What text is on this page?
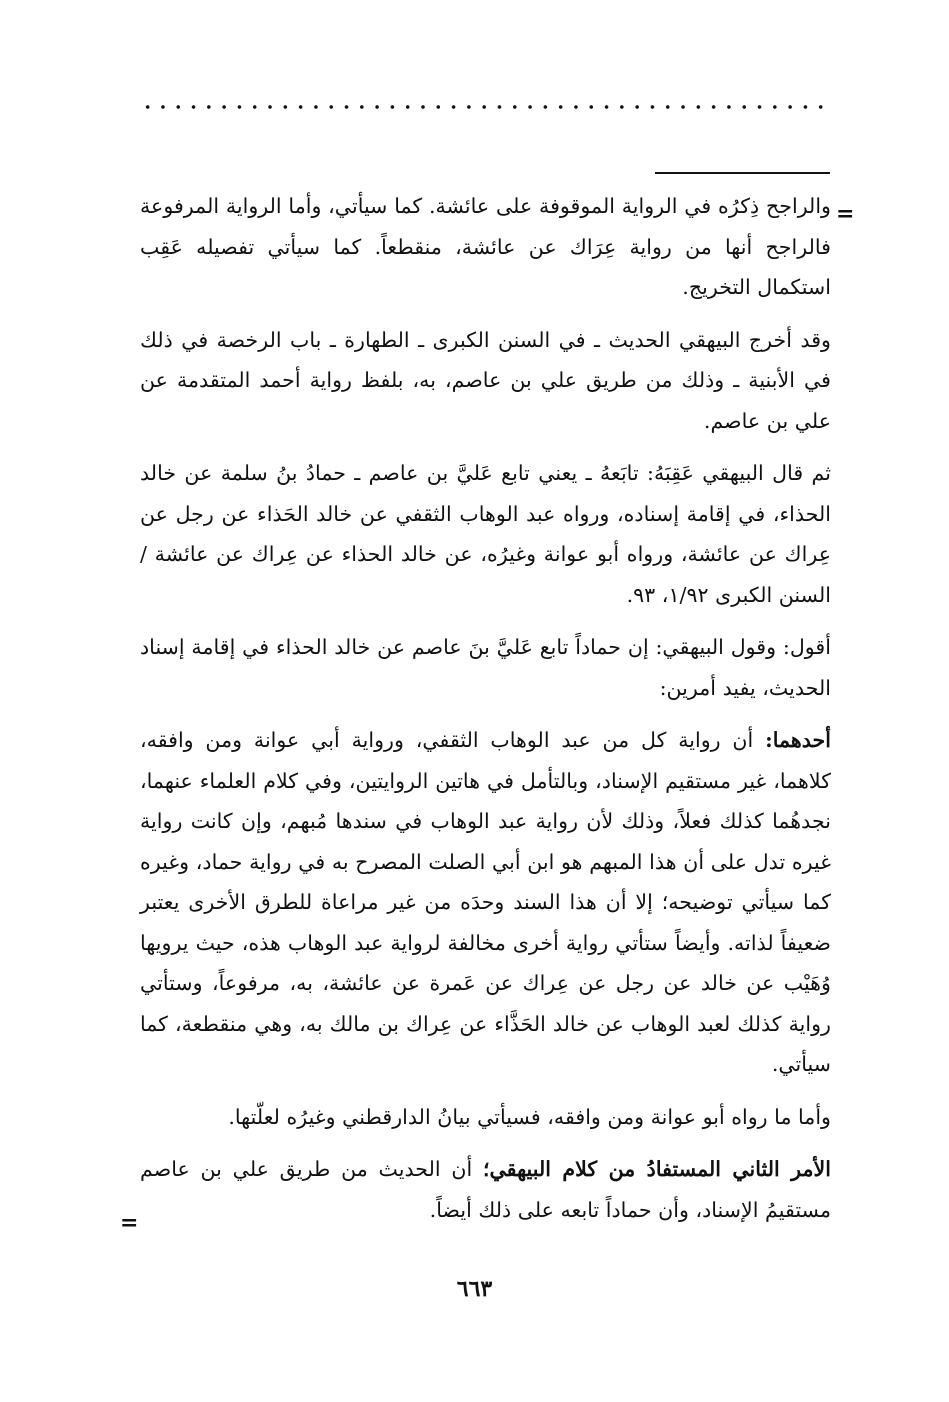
=

والراجح ذِكرُه في الرواية الموقوفة على عائشة. كما سيأتي، وأما الرواية المرفوعة فالراجح أنها من رواية عِرَاك عن عائشة، منقطعاً. كما سيأتي تفصيله عَقِب استكمال التخريج.

وقد أخرج البيهقي الحديث ـ في السنن الكبرى ـ الطهارة ـ باب الرخصة في ذلك في الأبنية ـ وذلك من طريق علي بن عاصم، به، بلفظ رواية أحمد المتقدمة عن علي بن عاصم.

ثم قال البيهقي عَقِبَهُ: تابَعهُ ـ يعني تابع عَليَّ بن عاصم ـ حمادُ بنُ سلمة عن خالد الحذاء، في إقامة إسناده، ورواه عبد الوهاب الثقفي عن خالد الحَذاء عن رجل عن عِراك عن عائشة، ورواه أبو عوانة وغيرُه، عن خالد الحذاء عن عِراك عن عائشة / السنن الكبرى ١/٩٢، ٩٣.

أقول: وقول البيهقي: إن حماداً تابع عَليَّ بنَ عاصم عن خالد الحذاء في إقامة إسناد الحديث، يفيد أمرين:

أحدهما: أن رواية كل من عبد الوهاب الثقفي، ورواية أبي عوانة ومن وافقه، كلاهما، غير مستقيم الإسناد، وبالتأمل في هاتين الروايتين، وفي كلام العلماء عنهما، نجدهُما كذلك فعلاً، وذلك لأن رواية عبد الوهاب في سندها مُبهم، وإن كانت رواية غيره تدل على أن هذا المبهم هو ابن أبي الصلت المصرح به في رواية حماد، وغيره كما سيأتي توضيحه؛ إلا أن هذا السند وحدَه من غير مراعاة للطرق الأخرى يعتبر ضعيفاً لذاته. وأيضاً ستأتي رواية أخرى مخالفة لرواية عبد الوهاب هذه، حيث يرويها وُهَيْب عن خالد عن رجل عن عِراك عن عَمرة عن عائشة، به، مرفوعاً، وستأتي رواية كذلك لعبد الوهاب عن خالد الحَذَّاء عن عِراك بن مالك به، وهي منقطعة، كما سيأتي.

وأما ما رواه أبو عوانة ومن وافقه، فسيأتي بيانُ الدارقطني وغيرُه لعلّتها.

الأمر الثاني المستفادُ من كلام البيهقي؛ أن الحديث من طريق علي بن عاصم مستقيمُ الإسناد، وأن حماداً تابعه على ذلك أيضاً.

=
٦٦٣
